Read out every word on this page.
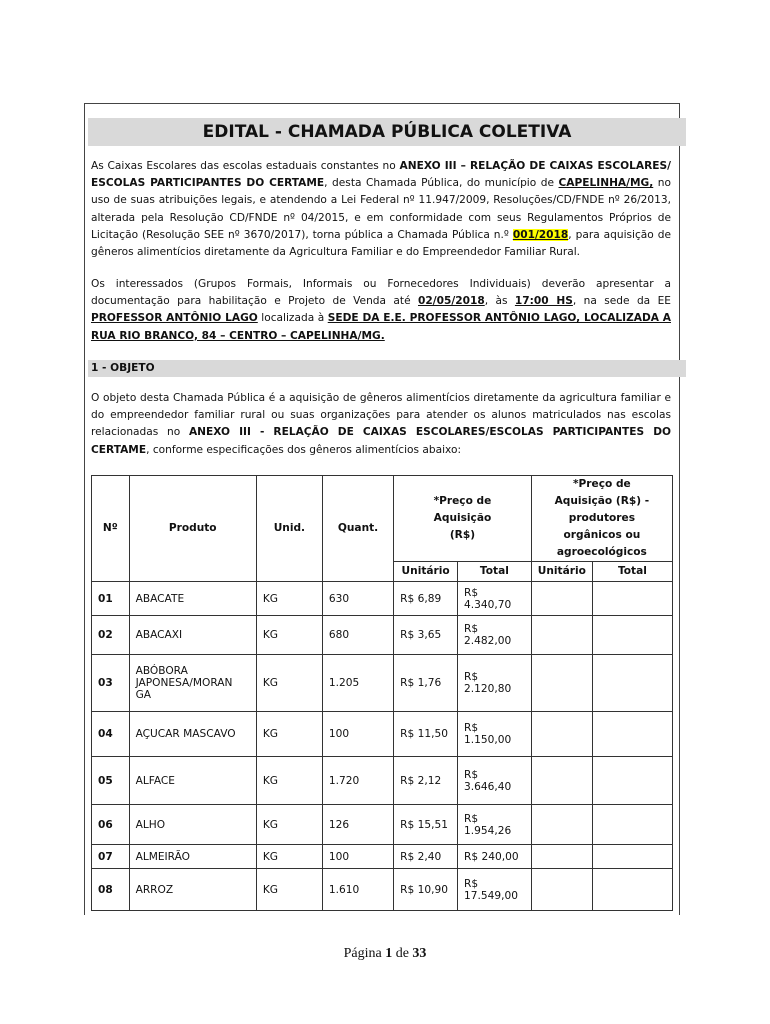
EDITAL - CHAMADA PÚBLICA COLETIVA
As Caixas Escolares das escolas estaduais constantes no ANEXO III – RELAÇÃO DE CAIXAS ESCOLARES/ ESCOLAS PARTICIPANTES DO CERTAME, desta Chamada Pública, do município de CAPELINHA/MG, no uso de suas atribuições legais, e atendendo a Lei Federal nº 11.947/2009, Resoluções/CD/FNDE nº 26/2013, alterada pela Resolução CD/FNDE nº 04/2015, e em conformidade com seus Regulamentos Próprios de Licitação (Resolução SEE nº 3670/2017), torna pública a Chamada Pública n.º 001/2018, para aquisição de gêneros alimentícios diretamente da Agricultura Familiar e do Empreendedor Familiar Rural.
Os interessados (Grupos Formais, Informais ou Fornecedores Individuais) deverão apresentar a documentação para habilitação e Projeto de Venda até 02/05/2018, às 17:00 HS, na sede da EE PROFESSOR ANTÔNIO LAGO localizada à SEDE DA E.E. PROFESSOR ANTÔNIO LAGO, LOCALIZADA A RUA RIO BRANCO, 84 – CENTRO – CAPELINHA/MG.
1 - OBJETO
O objeto desta Chamada Pública é a aquisição de gêneros alimentícios diretamente da agricultura familiar e do empreendedor familiar rural ou suas organizações para atender os alunos matriculados nas escolas relacionadas no ANEXO III - RELAÇÃO DE CAIXAS ESCOLARES/ESCOLAS PARTICIPANTES DO CERTAME, conforme especificações dos gêneros alimentícios abaixo:
Nº	Produto	Unid.	Quant.	*Preço de Aquisição (R$)		*Preço de Aquisição (R$) - produtores orgânicos ou agroecológicos	
				Unitário	Total	Unitário	Total
01	ABACATE	KG	630	R$ 6,89	R$ 4.340,70		
02	ABACAXI	KG	680	R$ 3,65	R$ 2.482,00		
03	ABÓBORA JAPONESA/MORAN GA	KG	1.205	R$ 1,76	R$ 2.120,80		
04	AÇUCAR MASCAVO	KG	100	R$ 11,50	R$ 1.150,00		
05	ALFACE	KG	1.720	R$ 2,12	R$ 3.646,40		
06	ALHO	KG	126	R$ 15,51	R$ 1.954,26		
07	ALMEIRÃO	KG	100	R$ 2,40	R$ 240,00		
08	ARROZ	KG	1.610	R$ 10,90	R$ 17.549,00		
Página 1 de 33
